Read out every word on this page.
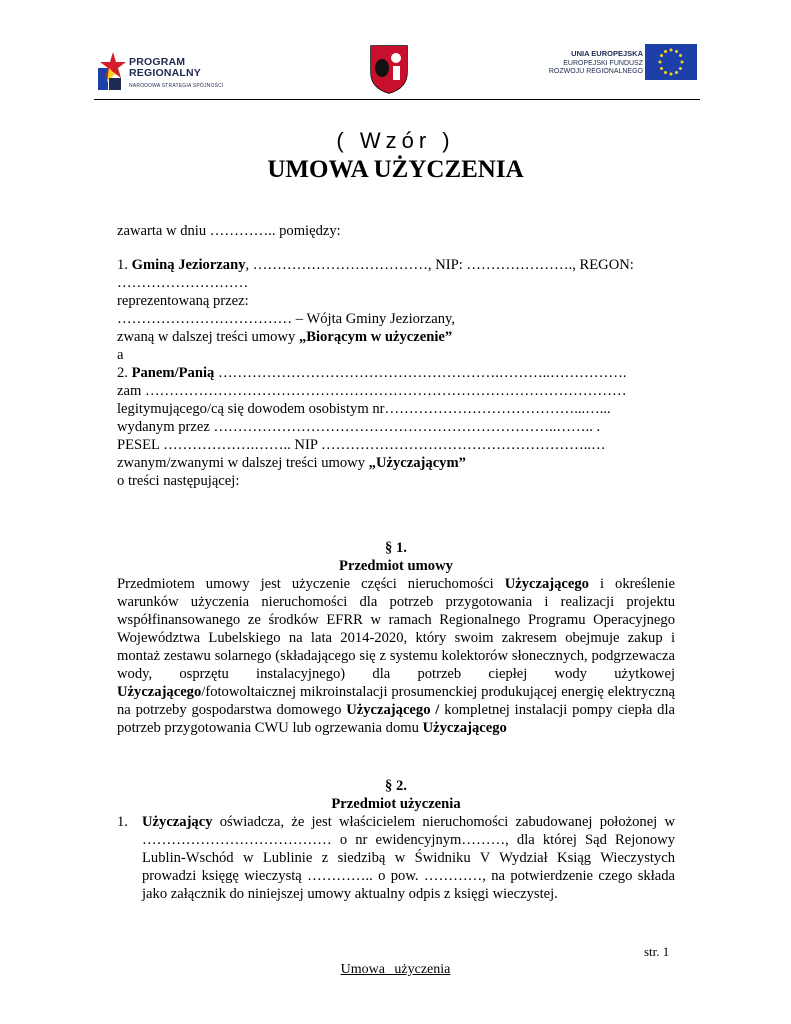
PROGRAM
REGIONALNY
NARODOWA STRATEGIA SPÓJNOŚCI
UNIA EUROPEJSKA
EUROPEJSKI FUNDUSZ
ROZWOJU REGIONALNEGO
( Wzór )
UMOWA UŻYCZENIA

zawarta w dniu ………….. pomiędzy:

1. Gminą Jeziorzany, ………………………………, NIP: …………………., REGON: ………………………

reprezentowaną przez:

……………………………… – Wójta Gminy Jeziorzany,

zwaną w dalszej treści umowy „Biorącym w użyczenie”

a

2. Panem/Panią ………………………………………………….………..…………….

zam ………………………………………………………………………………………

legitymującego/cą się dowodem osobistym nr…………………………………...…...

wydanym przez ……………………………………………………………..…….. .

PESEL ……………….…….. NIP ………………………………………………..…

zwanym/zwanymi w dalszej treści umowy „Użyczającym”

o treści następującej:

§ 1.

Przedmiot umowy

Przedmiotem umowy jest użyczenie części nieruchomości Użyczającego i określenie warunków użyczenia nieruchomości dla potrzeb przygotowania i realizacji projektu współfinansowanego ze środków EFRR w ramach Regionalnego Programu Operacyjnego Województwa Lubelskiego na lata 2014-2020, który swoim zakresem obejmuje zakup i montaż zestawu solarnego (składającego się z systemu kolektorów słonecznych, podgrzewacza wody, osprzętu instalacyjnego) dla potrzeb ciepłej wody użytkowej Użyczającego/fotowoltaicznej mikroinstalacji prosumenckiej produkującej energię elektryczną na potrzeby gospodarstwa domowego Użyczającego / kompletnej instalacji pompy ciepła dla potrzeb przygotowania CWU lub ogrzewania domu Użyczającego

§ 2.

Przedmiot użyczenia

1. Użyczający oświadcza, że jest właścicielem nieruchomości zabudowanej położonej w ………………………………… o nr ewidencyjnym………, dla której Sąd Rejonowy Lublin-Wschód w Lublinie z siedzibą w Świdniku V Wydział Ksiąg Wieczystych prowadzi księgę wieczystą ………….. o pow. …………, na potwierdzenie czego składa jako załącznik do niniejszej umowy aktualny odpis z księgi wieczystej.

str. 1
Umowa użyczenia
